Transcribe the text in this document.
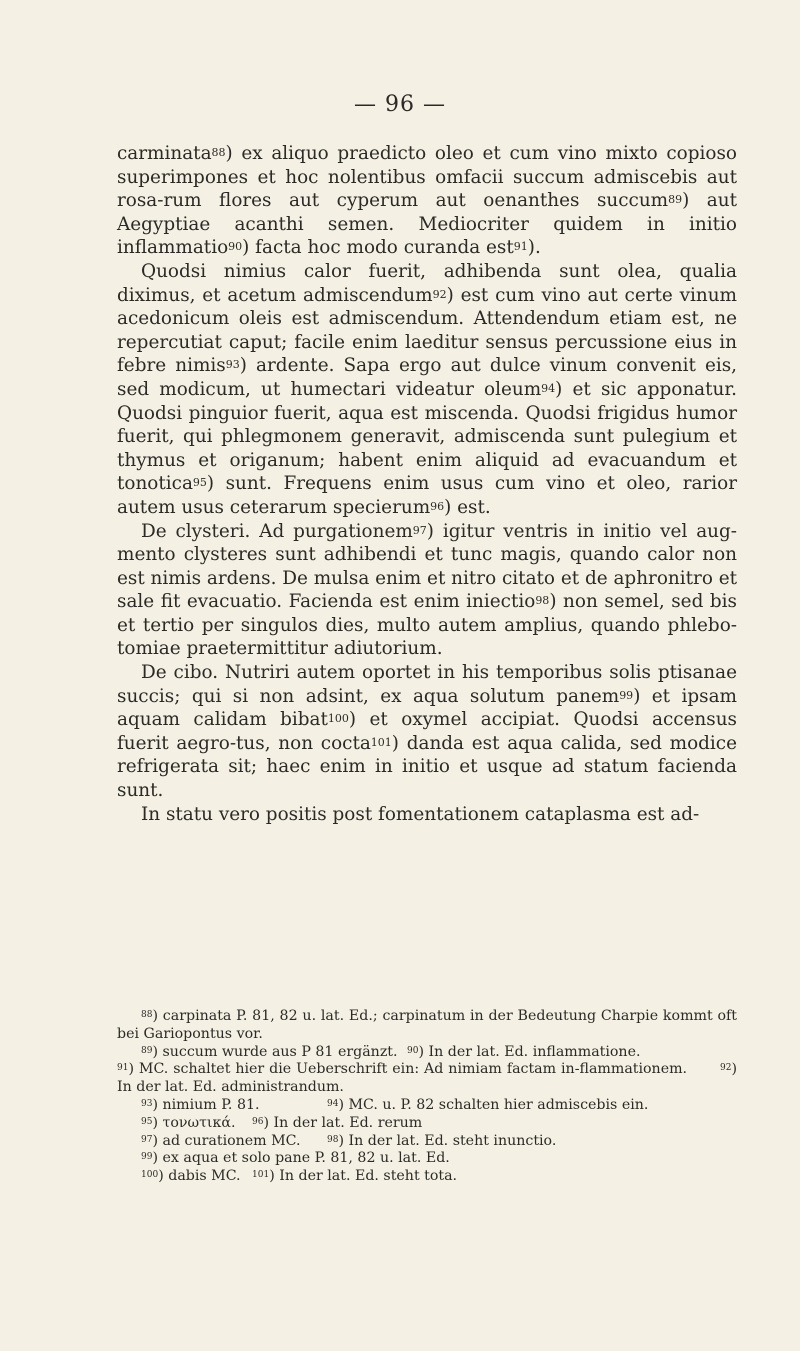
— 96 —

carminata$^{88}$) ex aliquo praedicto oleo et cum vino mixto copioso superimpones et hoc nolentibus omfacii succum admiscebis aut rosa-rum flores aut cyperum aut oenanthes succum$^{89}$) aut Aegyptiae acanthi semen. Mediocriter quidem in initio inflammatio$^{90}$) facta hoc modo curanda est$^{91}$).

Quodsi nimius calor fuerit, adhibenda sunt olea, qualia diximus, et acetum admiscendum$^{92}$) est cum vino aut certe vinum acedonicum oleis est admiscendum. Attendendum etiam est, ne repercutiat caput; facile enim laeditur sensus percussione eius in febre nimis$^{93}$) ardente. Sapa ergo aut dulce vinum convenit eis, sed modicum, ut humectari videatur oleum$^{94}$) et sic apponatur. Quodsi pinguior fuerit, aqua est miscenda. Quodsi frigidus humor fuerit, qui phlegmonem generavit, admiscenda sunt pulegium et thymus et origanum; habent enim aliquid ad evacuandum et tonotica$^{95}$) sunt. Frequens enim usus cum vino et oleo, rarior autem usus ceterarum specierum$^{96}$) est.

De clysteri. Ad purgationem$^{97}$) igitur ventris in initio vel aug-mento clysteres sunt adhibendi et tunc magis, quando calor non est nimis ardens. De mulsa enim et nitro citato et de aphronitro et sale fit evacuatio. Facienda est enim iniectio$^{98}$) non semel, sed bis et tertio per singulos dies, multo autem amplius, quando phlebo-tomiae praetermittitur adiutorium.

De cibo. Nutriri autem oportet in his temporibus solis ptisanae succis; qui si non adsint, ex aqua solutum panem$^{99}$) et ipsam aquam calidam bibat$^{100}$) et oxymel accipiat. Quodsi accensus fuerit aegro-tus, non cocta$^{101}$) danda est aqua calida, sed modice refrigerata sit; haec enim in initio et usque ad statum facienda sunt.

In statu vero positis post fomentationem cataplasma est ad-

$^{88}$) carpinata P. 81, 82 u. lat. Ed.; carpinatum in der Bedeutung Charpie kommt oft bei Gariopontus vor.

$^{89}$) succum wurde aus P 81 ergänzt. $^{90}$) In der lat. Ed. inflammatione.

$^{91}$) MC. schaltet hier die Ueberschrift ein: Ad nimiam factam in-flammationem.	$^{92}$) In der lat. Ed. administrandum.
$^{93}$) nimium P. 81.	$^{94}$) MC. u. P. 82 schalten hier admiscebis ein.
$^{95}$) τονωτικά. $^{96}$) In der lat. Ed. rerum
$^{97}$) ad curationem MC.	$^{98}$) In der lat. Ed. steht inunctio.
$^{99}$) ex aqua et solo pane P. 81, 82 u. lat. Ed.
$^{100}$) dabis MC. $^{101}$) In der lat. Ed. steht tota.
